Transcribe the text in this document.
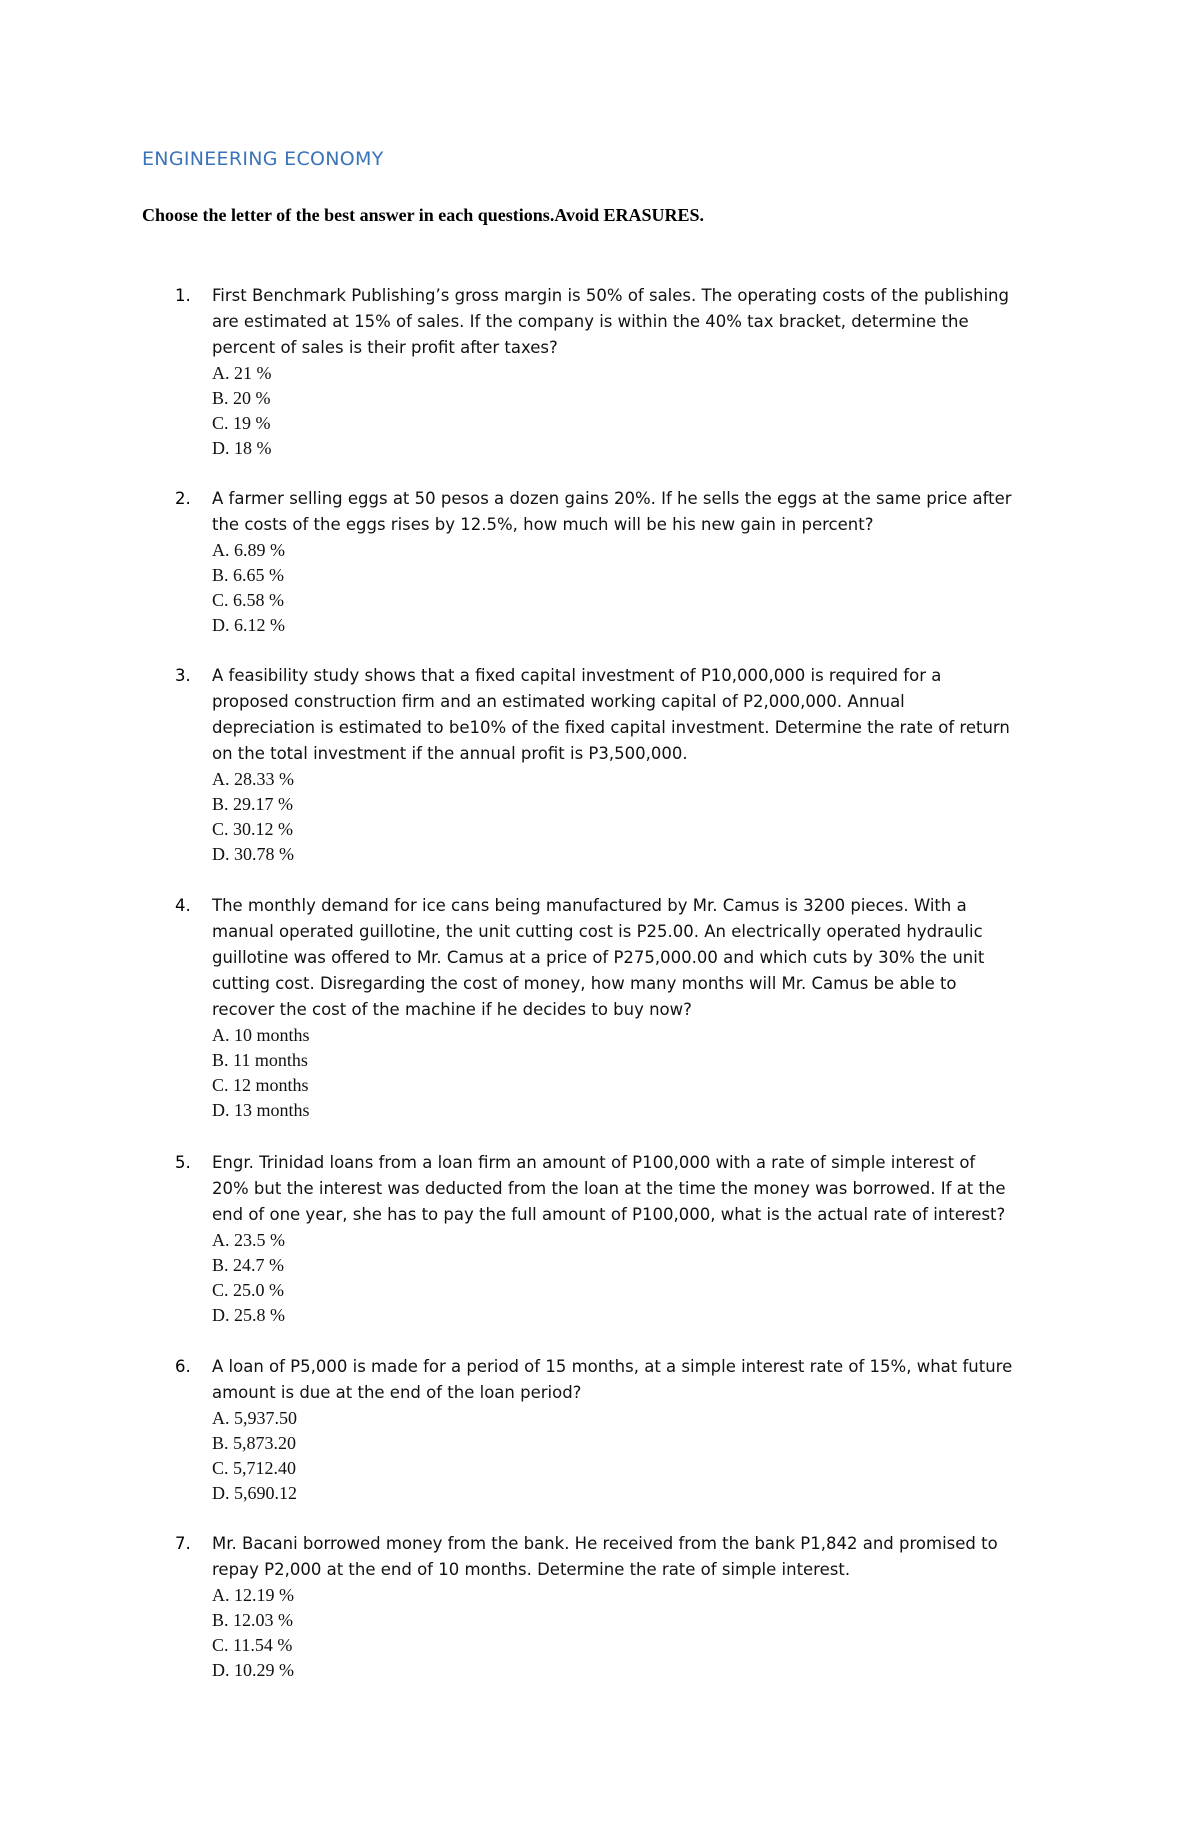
ENGINEERING ECONOMY
Choose the letter of the best answer in each questions.Avoid ERASURES.
1. First Benchmark Publishing’s gross margin is 50% of sales. The operating costs of the publishing
are estimated at 15% of sales. If the company is within the 40% tax bracket, determine the
percent of sales is their profit after taxes?
A. 21 %
B. 20 %
C. 19 %
D. 18 %
2. A farmer selling eggs at 50 pesos a dozen gains 20%. If he sells the eggs at the same price after
the costs of the eggs rises by 12.5%, how much will be his new gain in percent?
A. 6.89 %
B. 6.65 %
C. 6.58 %
D. 6.12 %
3. A feasibility study shows that a fixed capital investment of P10,000,000 is required for a
proposed construction firm and an estimated working capital of P2,000,000. Annual
depreciation is estimated to be10% of the fixed capital investment. Determine the rate of return
on the total investment if the annual profit is P3,500,000.
A. 28.33 %
B. 29.17 %
C. 30.12 %
D. 30.78 %
4. The monthly demand for ice cans being manufactured by Mr. Camus is 3200 pieces. With a
manual operated guillotine, the unit cutting cost is P25.00. An electrically operated hydraulic
guillotine was offered to Mr. Camus at a price of P275,000.00 and which cuts by 30% the unit
cutting cost. Disregarding the cost of money, how many months will Mr. Camus be able to
recover the cost of the machine if he decides to buy now?
A. 10 months
B. 11 months
C. 12 months
D. 13 months
5. Engr. Trinidad loans from a loan firm an amount of P100,000 with a rate of simple interest of
20% but the interest was deducted from the loan at the time the money was borrowed. If at the
end of one year, she has to pay the full amount of P100,000, what is the actual rate of interest?
A. 23.5 %
B. 24.7 %
C. 25.0 %
D. 25.8 %
6. A loan of P5,000 is made for a period of 15 months, at a simple interest rate of 15%, what future
amount is due at the end of the loan period?
A. 5,937.50
B. 5,873.20
C. 5,712.40
D. 5,690.12
7. Mr. Bacani borrowed money from the bank. He received from the bank P1,842 and promised to
repay P2,000 at the end of 10 months. Determine the rate of simple interest.
A. 12.19 %
B. 12.03 %
C. 11.54 %
D. 10.29 %
